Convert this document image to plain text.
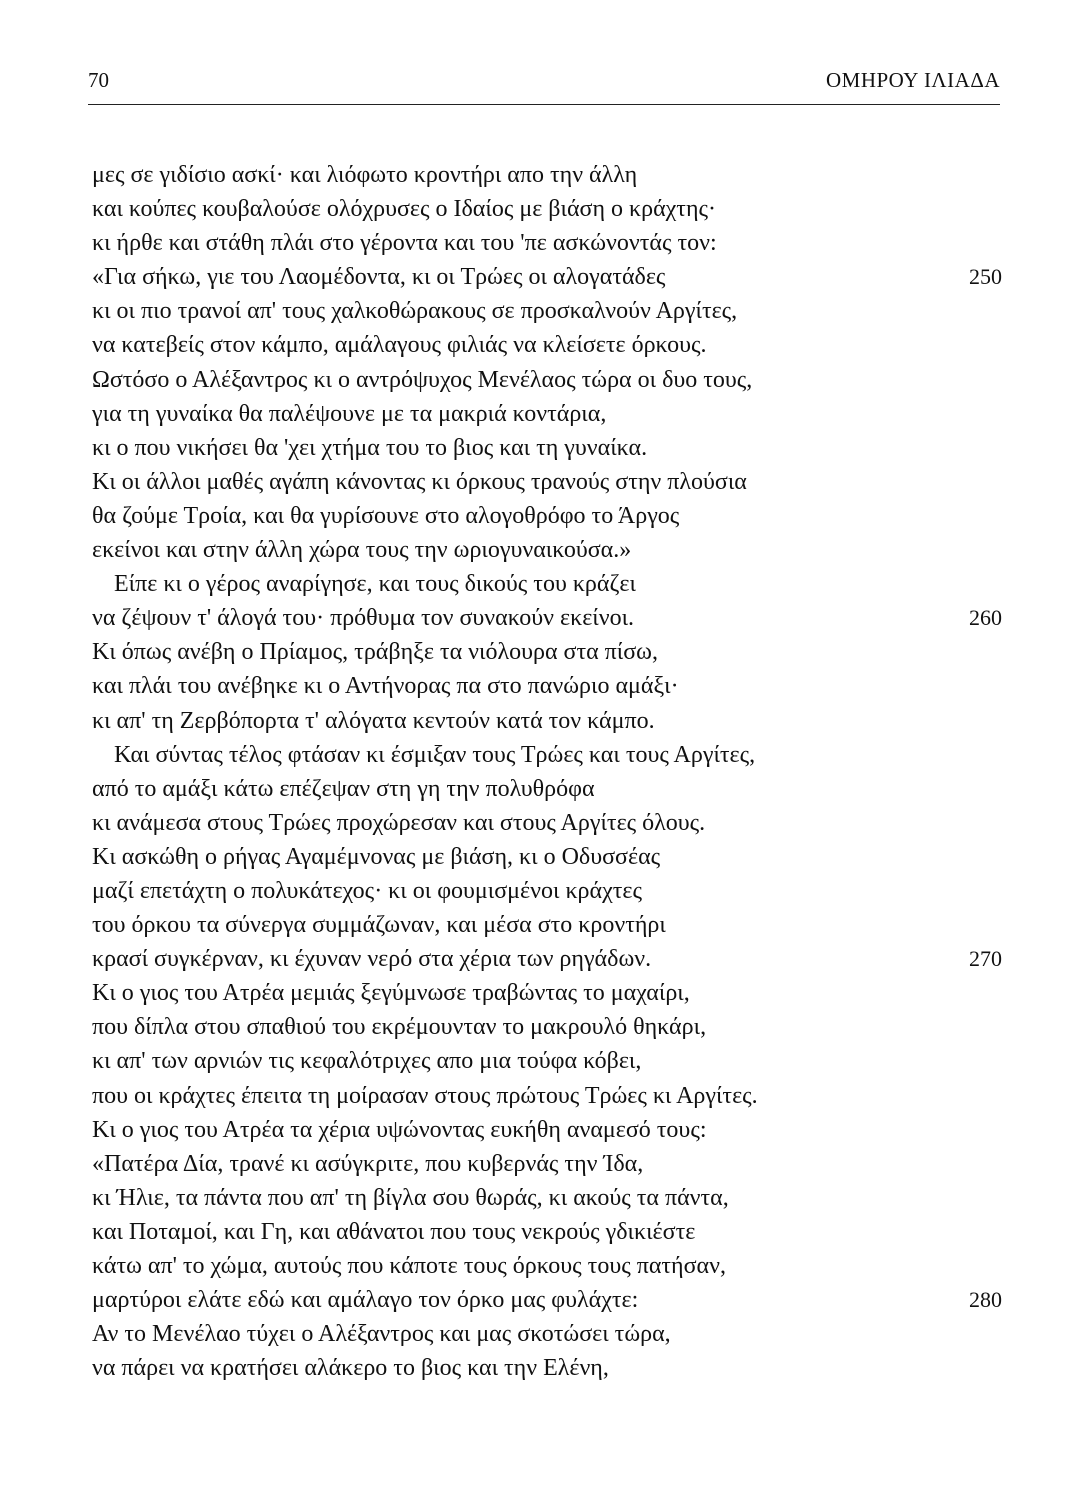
70	ΟΜΗΡΟΥ ΙΛΙΑΔΑ
μες σε γιδίσιο ασκί· και λιόφωτο κροντήρι απο την άλλη
και κούπες κουβαλούσε ολόχρυσες ο Ιδαίος με βιάση ο κράχτης·
κι ήρθε και στάθη πλάι στο γέροντα και του 'πε ασκώνοντάς τον:
«Για σήκω, γιε του Λαομέδοντα, κι οι Τρώες οι αλογατάδες	250
κι οι πιο τρανοί απ' τους χαλκοθώρακους σε προσκαλνούν Αργίτες,
να κατεβείς στον κάμπο, αμάλαγους φιλιάς να κλείσετε όρκους.
Ωστόσο ο Αλέξαντρος κι ο αντρόψυχος Μενέλαος τώρα οι δυο τους,
για τη γυναίκα θα παλέψουνε με τα μακριά κοντάρια,
κι ο που νικήσει θα 'χει χτήμα του το βιος και τη γυναίκα.
Κι οι άλλοι μαθές αγάπη κάνοντας κι όρκους τρανούς στην πλούσια
θα ζούμε Τροία, και θα γυρίσουνε στο αλογοθρόφο το Άργος
εκείνοι και στην άλλη χώρα τους την ωριογυναικούσα.»
Είπε κι ο γέρος αναρίγησε, και τους δικούς του κράζει
να ζέψουν τ' άλογά του· πρόθυμα τον συνακούν εκείνοι.	260
Κι όπως ανέβη ο Πρίαμος, τράβηξε τα νιόλουρα στα πίσω,
και πλάι του ανέβηκε κι ο Αντήνορας πα στο πανώριο αμάξι·
κι απ' τη Ζερβόπορτα τ' αλόγατα κεντούν κατά τον κάμπο.
Και σύντας τέλος φτάσαν κι έσμιξαν τους Τρώες και τους Αργίτες,
από το αμάξι κάτω επέζεψαν στη γη την πολυθρόφα
κι ανάμεσα στους Τρώες προχώρεσαν και στους Αργίτες όλους.
Κι ασκώθη ο ρήγας Αγαμέμνονας με βιάση, κι ο Οδυσσέας
μαζί επετάχτη ο πολυκάτεχος· κι οι φουμισμένοι κράχτες
του όρκου τα σύνεργα συμμάζωναν, και μέσα στο κροντήρι
κρασί συγκέρναν, κι έχυναν νερό στα χέρια των ρηγάδων.	270
Κι ο γιος του Ατρέα μεμιάς ξεγύμνωσε τραβώντας το μαχαίρι,
που δίπλα στου σπαθιού του εκρέμουνταν το μακρουλό θηκάρι,
κι απ' των αρνιών τις κεφαλότριχες απο μια τούφα κόβει,
που οι κράχτες έπειτα τη μοίρασαν στους πρώτους Τρώες κι Αργίτες.
Κι ο γιος του Ατρέα τα χέρια υψώνοντας ευκήθη αναμεσό τους:
«Πατέρα Δία, τρανέ κι ασύγκριτε, που κυβερνάς την Ίδα,
κι Ήλιε, τα πάντα που απ' τη βίγλα σου θωράς, κι ακούς τα πάντα,
και Ποταμοί, και Γη, και αθάνατοι που τους νεκρούς γδικιέστε
κάτω απ' το χώμα, αυτούς που κάποτε τους όρκους τους πατήσαν,
μαρτύροι ελάτε εδώ και αμάλαγο τον όρκο μας φυλάχτε:	280
Αν το Μενέλαο τύχει ο Αλέξαντρος και μας σκοτώσει τώρα,
να πάρει να κρατήσει αλάκερο το βιος και την Ελένη,
